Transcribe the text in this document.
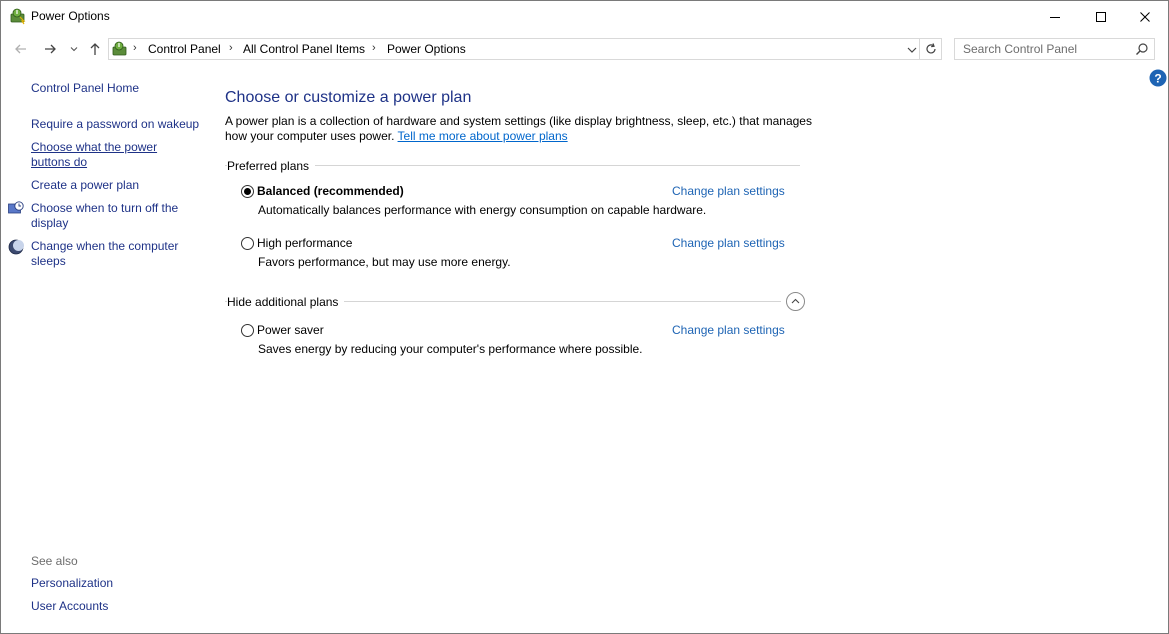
Power Options
› Control Panel › All Control Panel Items › Power Options
Search Control Panel
?
Control Panel Home
Require a password on wakeup
Choose what the power
buttons do
Create a power plan
Choose when to turn off the
display
Change when the computer
sleeps
See also
Personalization
User Accounts
Choose or customize a power plan
A power plan is a collection of hardware and system settings (like display brightness, sleep, etc.) that manages
how your computer uses power. Tell me more about power plans
Preferred plans
Balanced (recommended)
Automatically balances performance with energy consumption on capable hardware.
Change plan settings
High performance
Favors performance, but may use more energy.
Change plan settings
Hide additional plans
Power saver
Saves energy by reducing your computer's performance where possible.
Change plan settings
